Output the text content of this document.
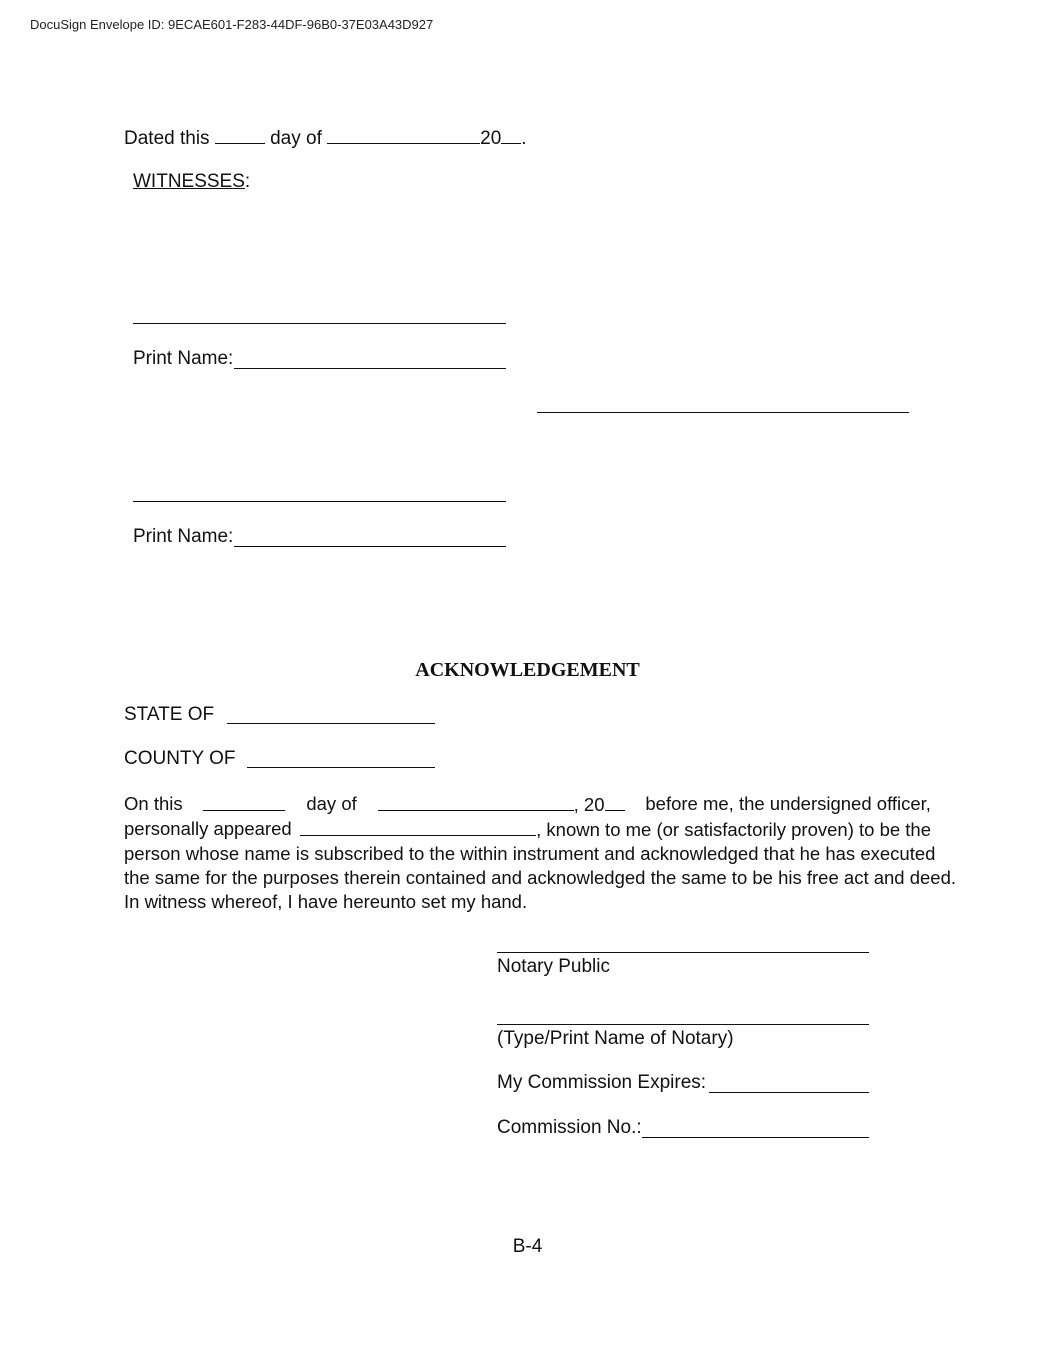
DocuSign Envelope ID: 9ECAE601-F283-44DF-96B0-37E03A43D927
Dated this	day of	20 .
WITNESSES:
Print Name:
Print Name:
ACKNOWLEDGEMENT
STATE OF
COUNTY OF
On this	day of	, 20	before me, the undersigned officer,
personally appeared	, known to me (or satisfactorily proven) to be the
person whose name is subscribed to the within instrument and acknowledged that he has executed
the same for the purposes therein contained and acknowledged the same to be his free act and deed.
In witness whereof, I have hereunto set my hand.
Notary Public
(Type/Print Name of Notary)
My Commission Expires:
Commission No.:
B-4
